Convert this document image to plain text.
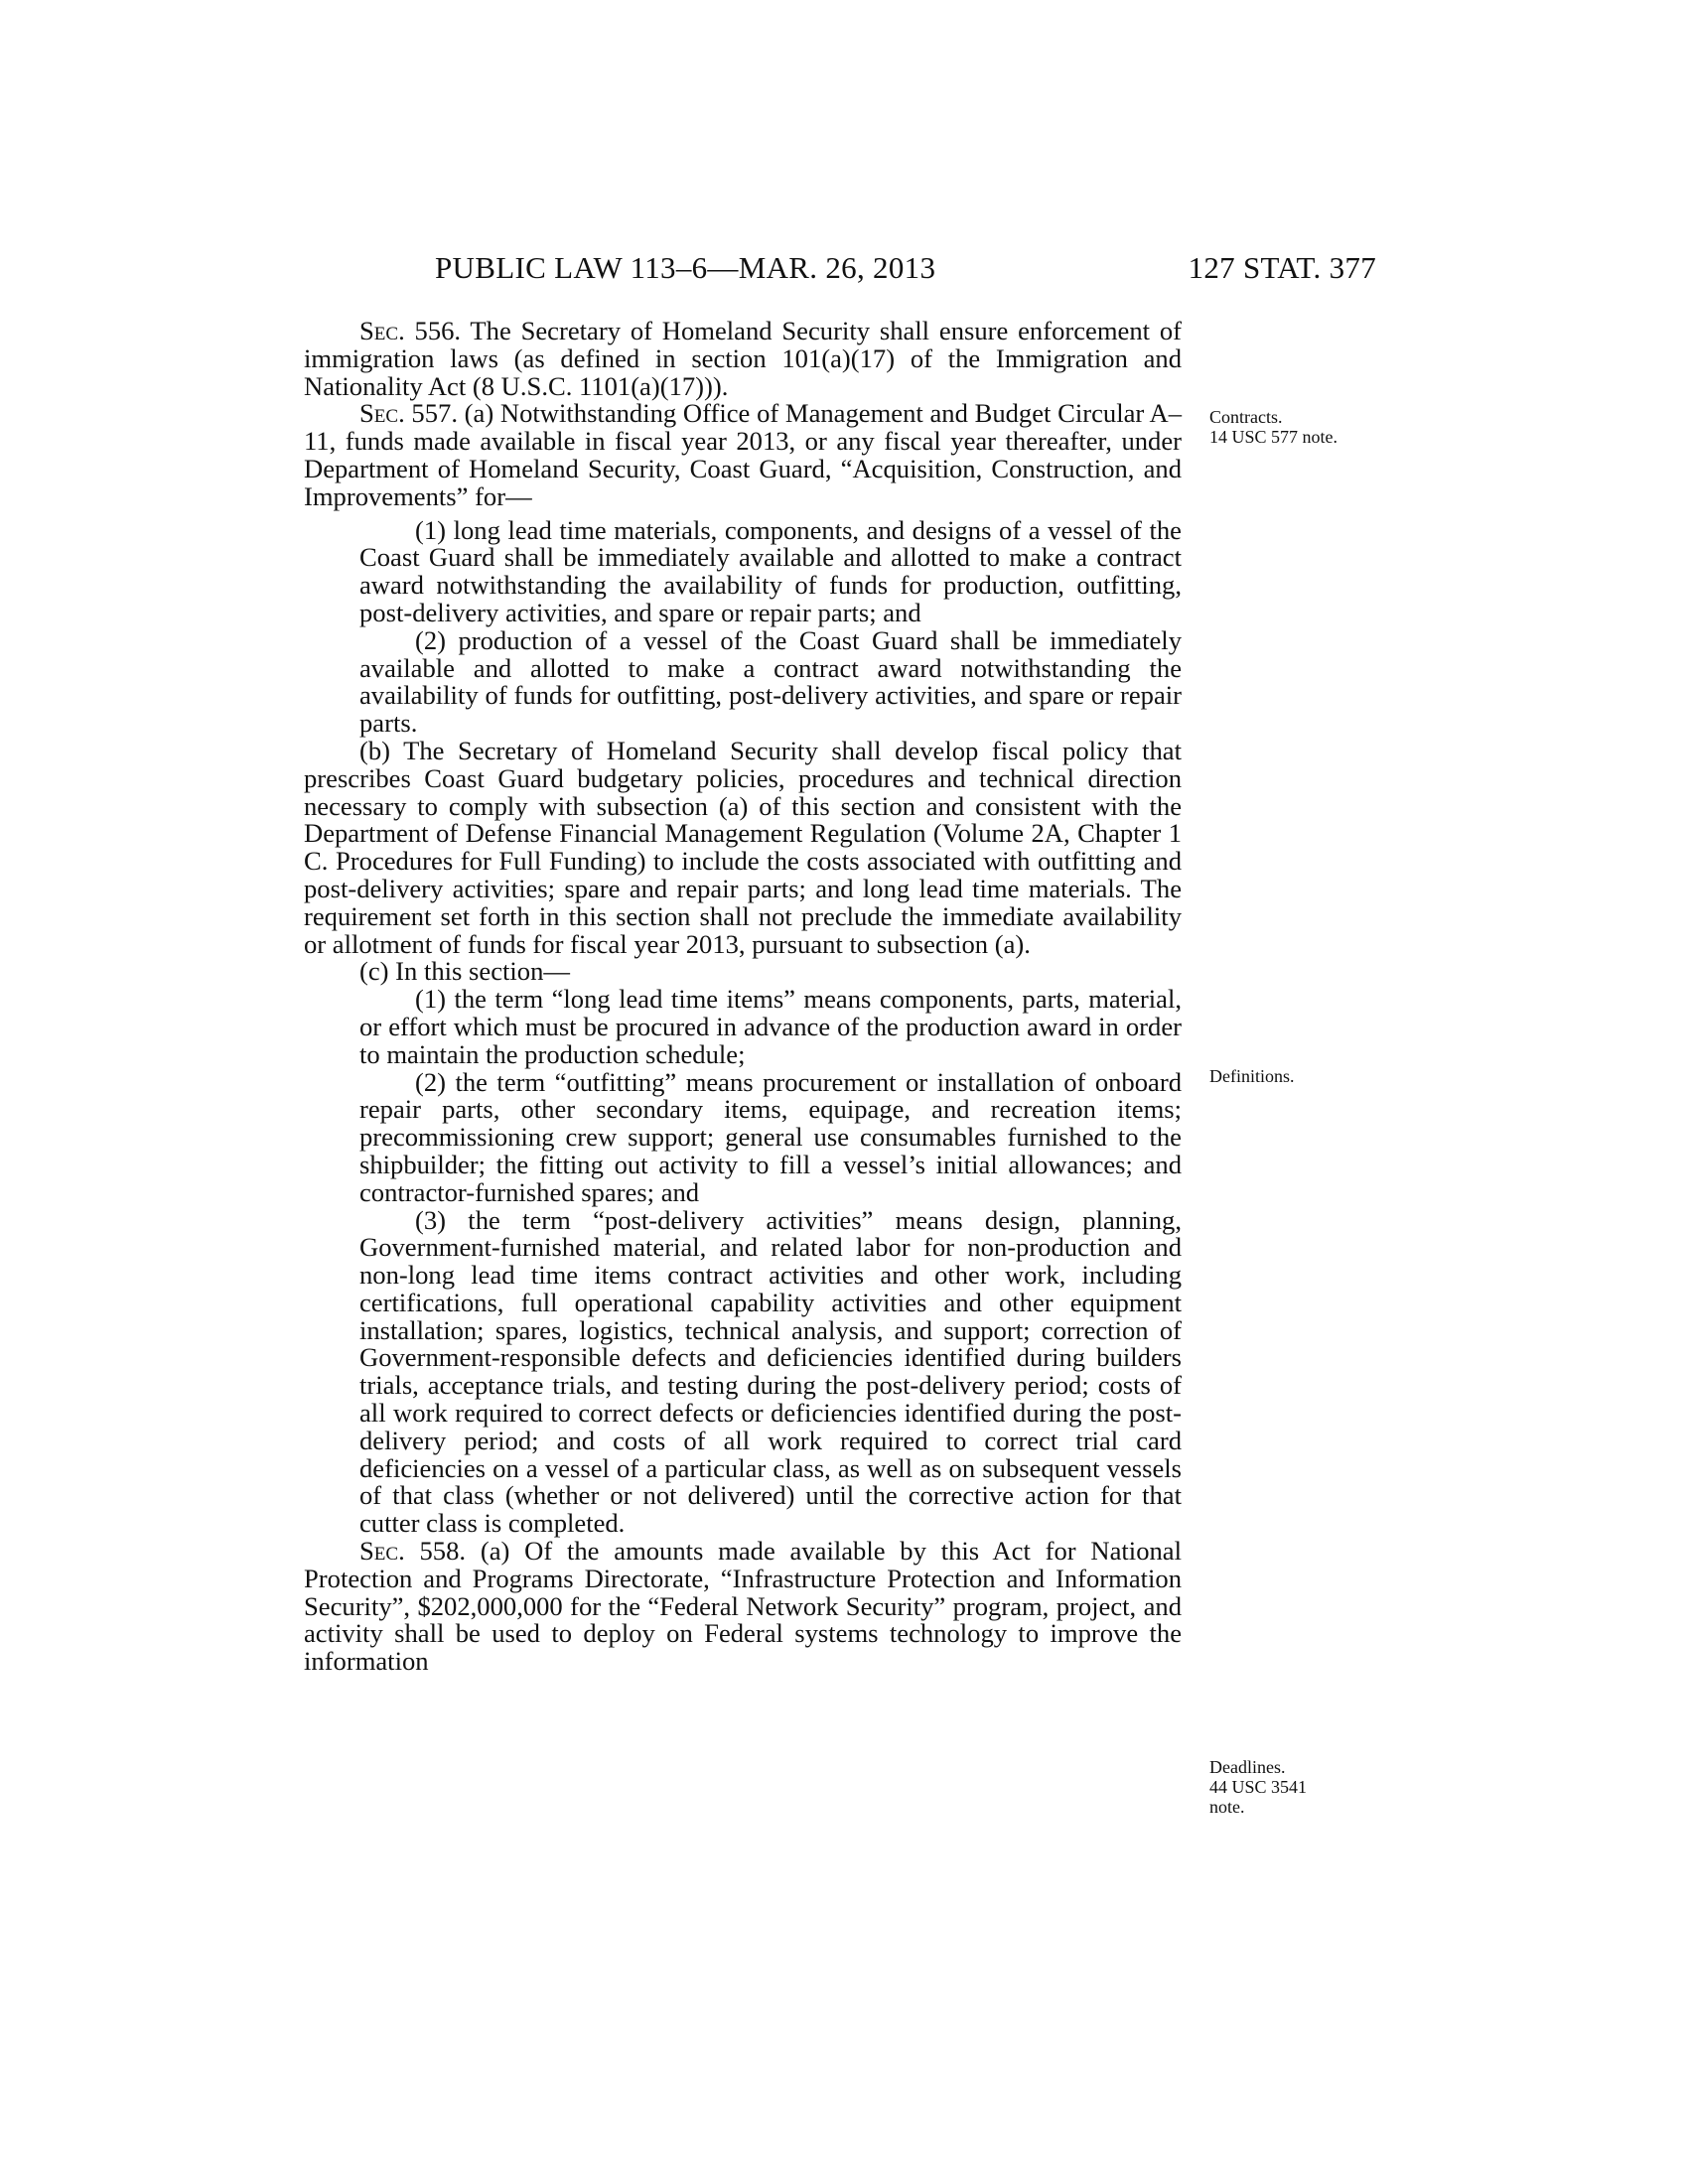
PUBLIC LAW 113–6—MAR. 26, 2013	127 STAT. 377

Sec. 556. The Secretary of Homeland Security shall ensure enforcement of immigration laws (as defined in section 101(a)(17) of the Immigration and Nationality Act (8 U.S.C. 1101(a)(17))).

Sec. 557. (a) Notwithstanding Office of Management and Budget Circular A–11, funds made available in fiscal year 2013, or any fiscal year thereafter, under Department of Homeland Security, Coast Guard, “Acquisition, Construction, and Improvements” for—

(1) long lead time materials, components, and designs of a vessel of the Coast Guard shall be immediately available and allotted to make a contract award notwithstanding the availability of funds for production, outfitting, post-delivery activities, and spare or repair parts; and

(2) production of a vessel of the Coast Guard shall be immediately available and allotted to make a contract award notwithstanding the availability of funds for outfitting, post-delivery activities, and spare or repair parts.

(b) The Secretary of Homeland Security shall develop fiscal policy that prescribes Coast Guard budgetary policies, procedures and technical direction necessary to comply with subsection (a) of this section and consistent with the Department of Defense Financial Management Regulation (Volume 2A, Chapter 1 C. Procedures for Full Funding) to include the costs associated with outfitting and post-delivery activities; spare and repair parts; and long lead time materials. The requirement set forth in this section shall not preclude the immediate availability or allotment of funds for fiscal year 2013, pursuant to subsection (a).

(c) In this section—

(1) the term “long lead time items” means components, parts, material, or effort which must be procured in advance of the production award in order to maintain the production schedule;

(2) the term “outfitting” means procurement or installation of onboard repair parts, other secondary items, equipage, and recreation items; precommissioning crew support; general use consumables furnished to the shipbuilder; the fitting out activity to fill a vessel’s initial allowances; and contractor-furnished spares; and

(3) the term “post-delivery activities” means design, planning, Government-furnished material, and related labor for non-production and non-long lead time items contract activities and other work, including certifications, full operational capability activities and other equipment installation; spares, logistics, technical analysis, and support; correction of Government-responsible defects and deficiencies identified during builders trials, acceptance trials, and testing during the post-delivery period; costs of all work required to correct defects or deficiencies identified during the post-delivery period; and costs of all work required to correct trial card deficiencies on a vessel of a particular class, as well as on subsequent vessels of that class (whether or not delivered) until the corrective action for that cutter class is completed.

Sec. 558. (a) Of the amounts made available by this Act for National Protection and Programs Directorate, “Infrastructure Protection and Information Security”, $202,000,000 for the “Federal Network Security” program, project, and activity shall be used to deploy on Federal systems technology to improve the information

Contracts.
14 USC 577 note.
Definitions.
Deadlines.
44 USC 3541
note.
